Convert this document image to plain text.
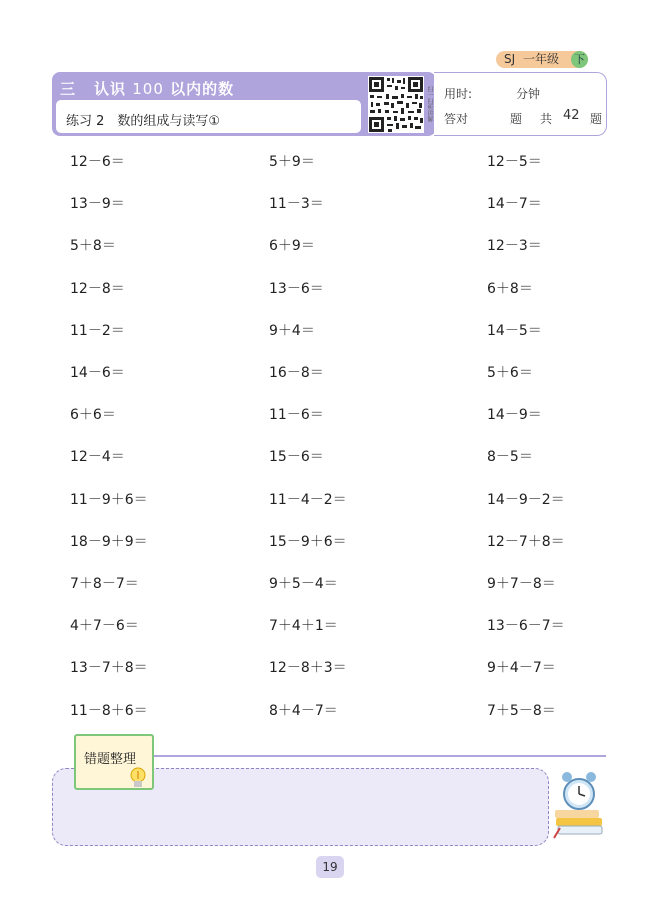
SJ 一年级 下
三 认识 100 以内的数
练习 2　数的组成与读写①	扫一扫听讲解 用时:	分钟
答对	题 共 42 题
12－6＝
13－9＝
5＋8＝
12－8＝
11－2＝
14－6＝
6＋6＝
12－4＝
11－9＋6＝
18－9＋9＝
7＋8－7＝
4＋7－6＝
13－7＋8＝
11－8＋6＝
5＋9＝
11－3＝
6＋9＝
13－6＝
9＋4＝
16－8＝
11－6＝
15－6＝
11－4－2＝
15－9＋6＝
9＋5－4＝
7＋4＋1＝
12－8＋3＝
8＋4－7＝
12－5＝
14－7＝
12－3＝
6＋8＝
14－5＝
5＋6＝
14－9＝
8－5＝
14－9－2＝
12－7＋8＝
9＋7－8＝
13－6－7＝
9＋4－7＝
7＋5－8＝
错题整理
19
